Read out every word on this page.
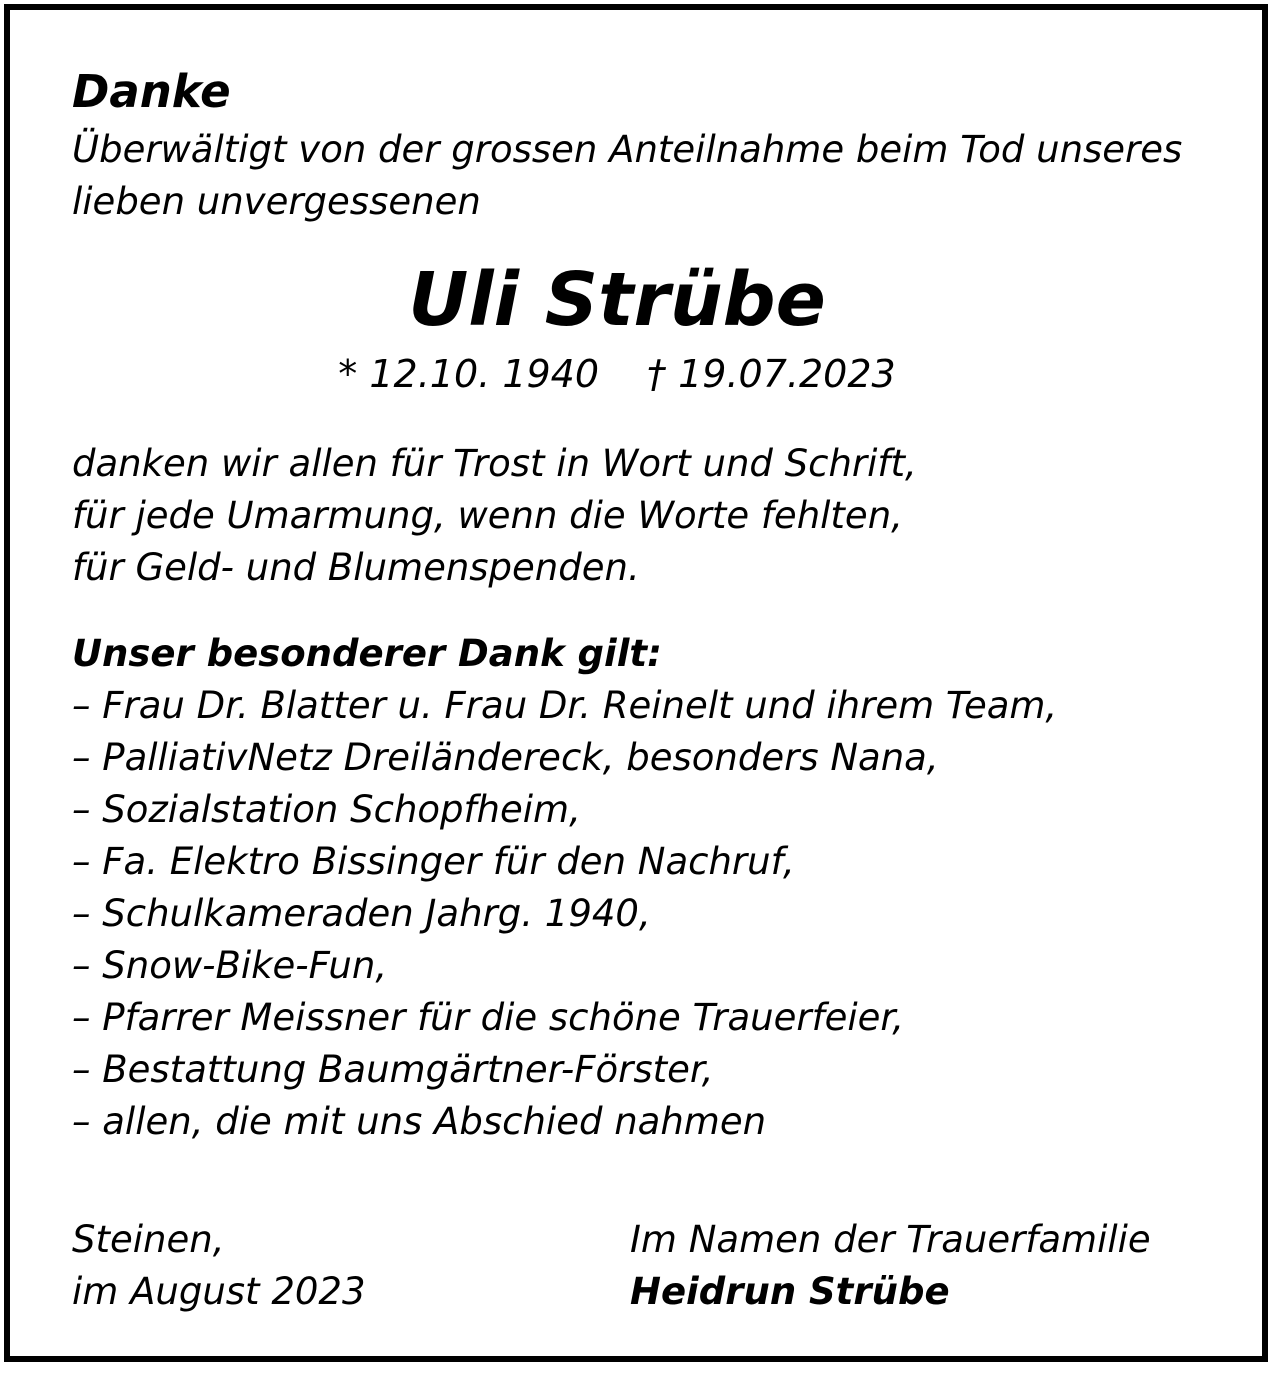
Danke

Überwältigt von der grossen Anteilnahme beim Tod unseres
lieben unvergessenen

Uli Strübe

* 12.10. 1940 † 19.07.2023
danken wir allen für Trost in Wort und Schrift,
für jede Umarmung, wenn die Worte fehlten,
für Geld- und Blumenspenden.
Unser besonderer Dank gilt:
– Frau Dr. Blatter u. Frau Dr. Reinelt und ihrem Team,
– PalliativNetz Dreiländereck, besonders Nana,
– Sozialstation Schopfheim,
– Fa. Elektro Bissinger für den Nachruf,
– Schulkameraden Jahrg. 1940,
– Snow-Bike-Fun,
– Pfarrer Meissner für die schöne Trauerfeier,
– Bestattung Baumgärtner-Förster,
– allen, die mit uns Abschied nahmen
Steinen,
im August 2023
Im Namen der Trauerfamilie
Heidrun Strübe
